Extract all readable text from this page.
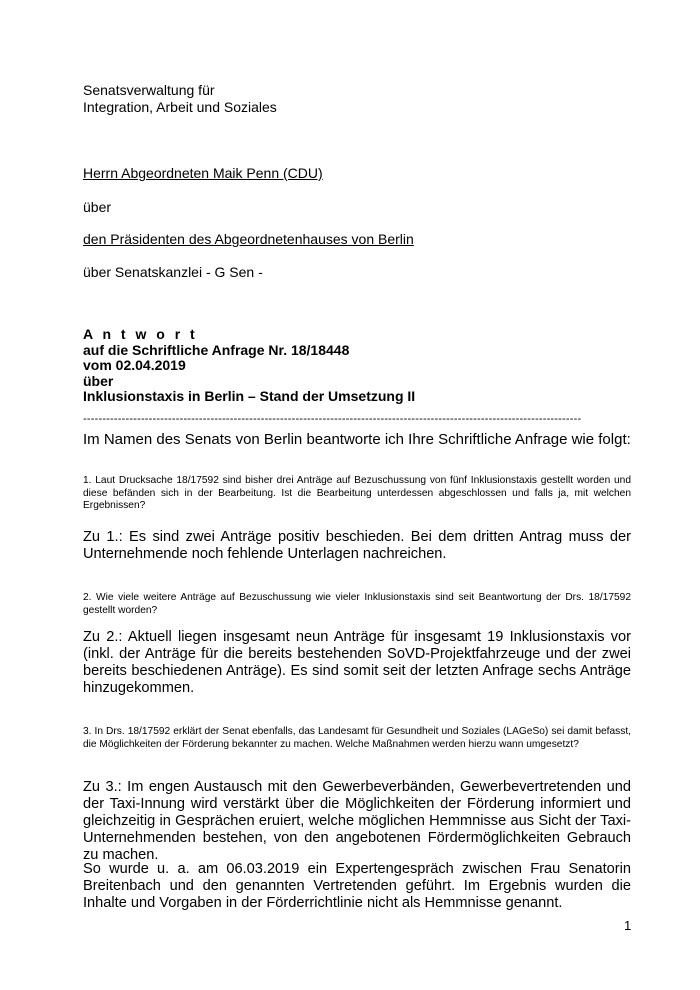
Senatsverwaltung für

Integration, Arbeit und Soziales

Herrn Abgeordneten Maik Penn (CDU)

über

den Präsidenten des Abgeordnetenhauses von Berlin

über Senatskanzlei - G Sen -

A n t w o r t

auf die Schriftliche Anfrage Nr. 18/18448

vom 02.04.2019

über

Inklusionstaxis in Berlin – Stand der Umsetzung II

---------------------------------------------------------------------------------------------------------------------------------

Im Namen des Senats von Berlin beantworte ich Ihre Schriftliche Anfrage wie folgt:

1. Laut Drucksache 18/17592 sind bisher drei Anträge auf Bezuschussung von fünf Inklusionstaxis gestellt worden und diese befänden sich in der Bearbeitung. Ist die Bearbeitung unterdessen abgeschlossen und falls ja, mit welchen Ergebnissen?

Zu 1.: Es sind zwei Anträge positiv beschieden. Bei dem dritten Antrag muss der Unternehmende noch fehlende Unterlagen nachreichen.

2. Wie viele weitere Anträge auf Bezuschussung wie vieler Inklusionstaxis sind seit Beantwortung der Drs. 18/17592 gestellt worden?

Zu 2.: Aktuell liegen insgesamt neun Anträge für insgesamt 19 Inklusionstaxis vor (inkl. der Anträge für die bereits bestehenden SoVD-Projektfahrzeuge und der zwei bereits beschiedenen Anträge). Es sind somit seit der letzten Anfrage sechs Anträge hinzugekommen.

3. In Drs. 18/17592 erklärt der Senat ebenfalls, das Landesamt für Gesundheit und Soziales (LAGeSo) sei damit befasst, die Möglichkeiten der Förderung bekannter zu machen. Welche Maßnahmen werden hierzu wann umgesetzt?

Zu 3.: Im engen Austausch mit den Gewerbeverbänden, Gewerbevertretenden und der Taxi-Innung wird verstärkt über die Möglichkeiten der Förderung informiert und gleichzeitig in Gesprächen eruiert, welche möglichen Hemmnisse aus Sicht der Taxi-Unternehmenden bestehen, von den angebotenen Fördermöglichkeiten Gebrauch zu machen.

So wurde u. a. am 06.03.2019 ein Expertengespräch zwischen Frau Senatorin Breitenbach und den genannten Vertretenden geführt. Im Ergebnis wurden die Inhalte und Vorgaben in der Förderrichtlinie nicht als Hemmnisse genannt.

1
